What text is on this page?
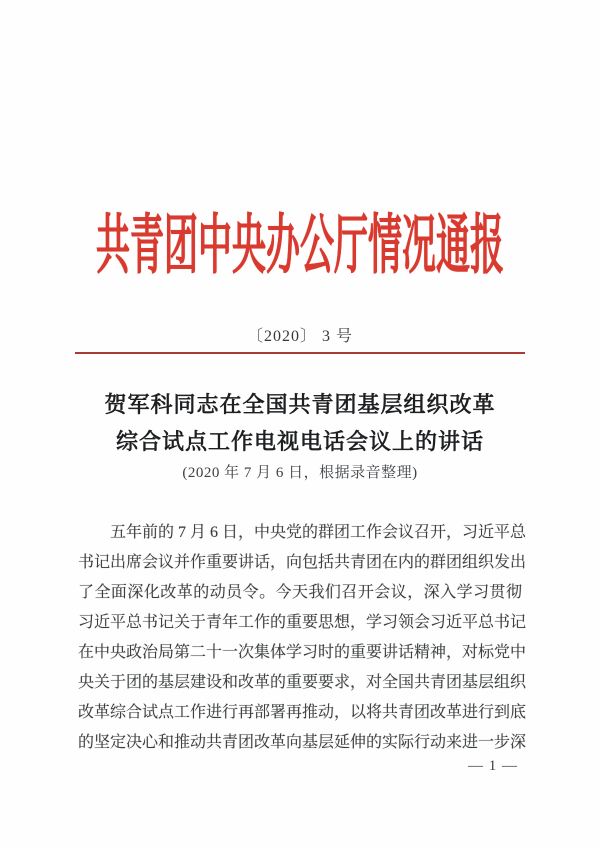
共青团中央办公厅情况通报
〔2020〕 3 号
贺军科同志在全国共青团基层组织改革
综合试点工作电视电话会议上的讲话
(2020 年 7 月 6 日，根据录音整理)
五年前的 7 月 6 日，中央党的群团工作会议召开，习近平总
书记出席会议并作重要讲话，向包括共青团在内的群团组织发出
了全面深化改革的动员令。今天我们召开会议，深入学习贯彻
习近平总书记关于青年工作的重要思想，学习领会习近平总书记
在中央政治局第二十一次集体学习时的重要讲话精神，对标党中
央关于团的基层建设和改革的重要要求，对全国共青团基层组织
改革综合试点工作进行再部署再推动，以将共青团改革进行到底
的坚定决心和推动共青团改革向基层延伸的实际行动来进一步深
— 1 —
